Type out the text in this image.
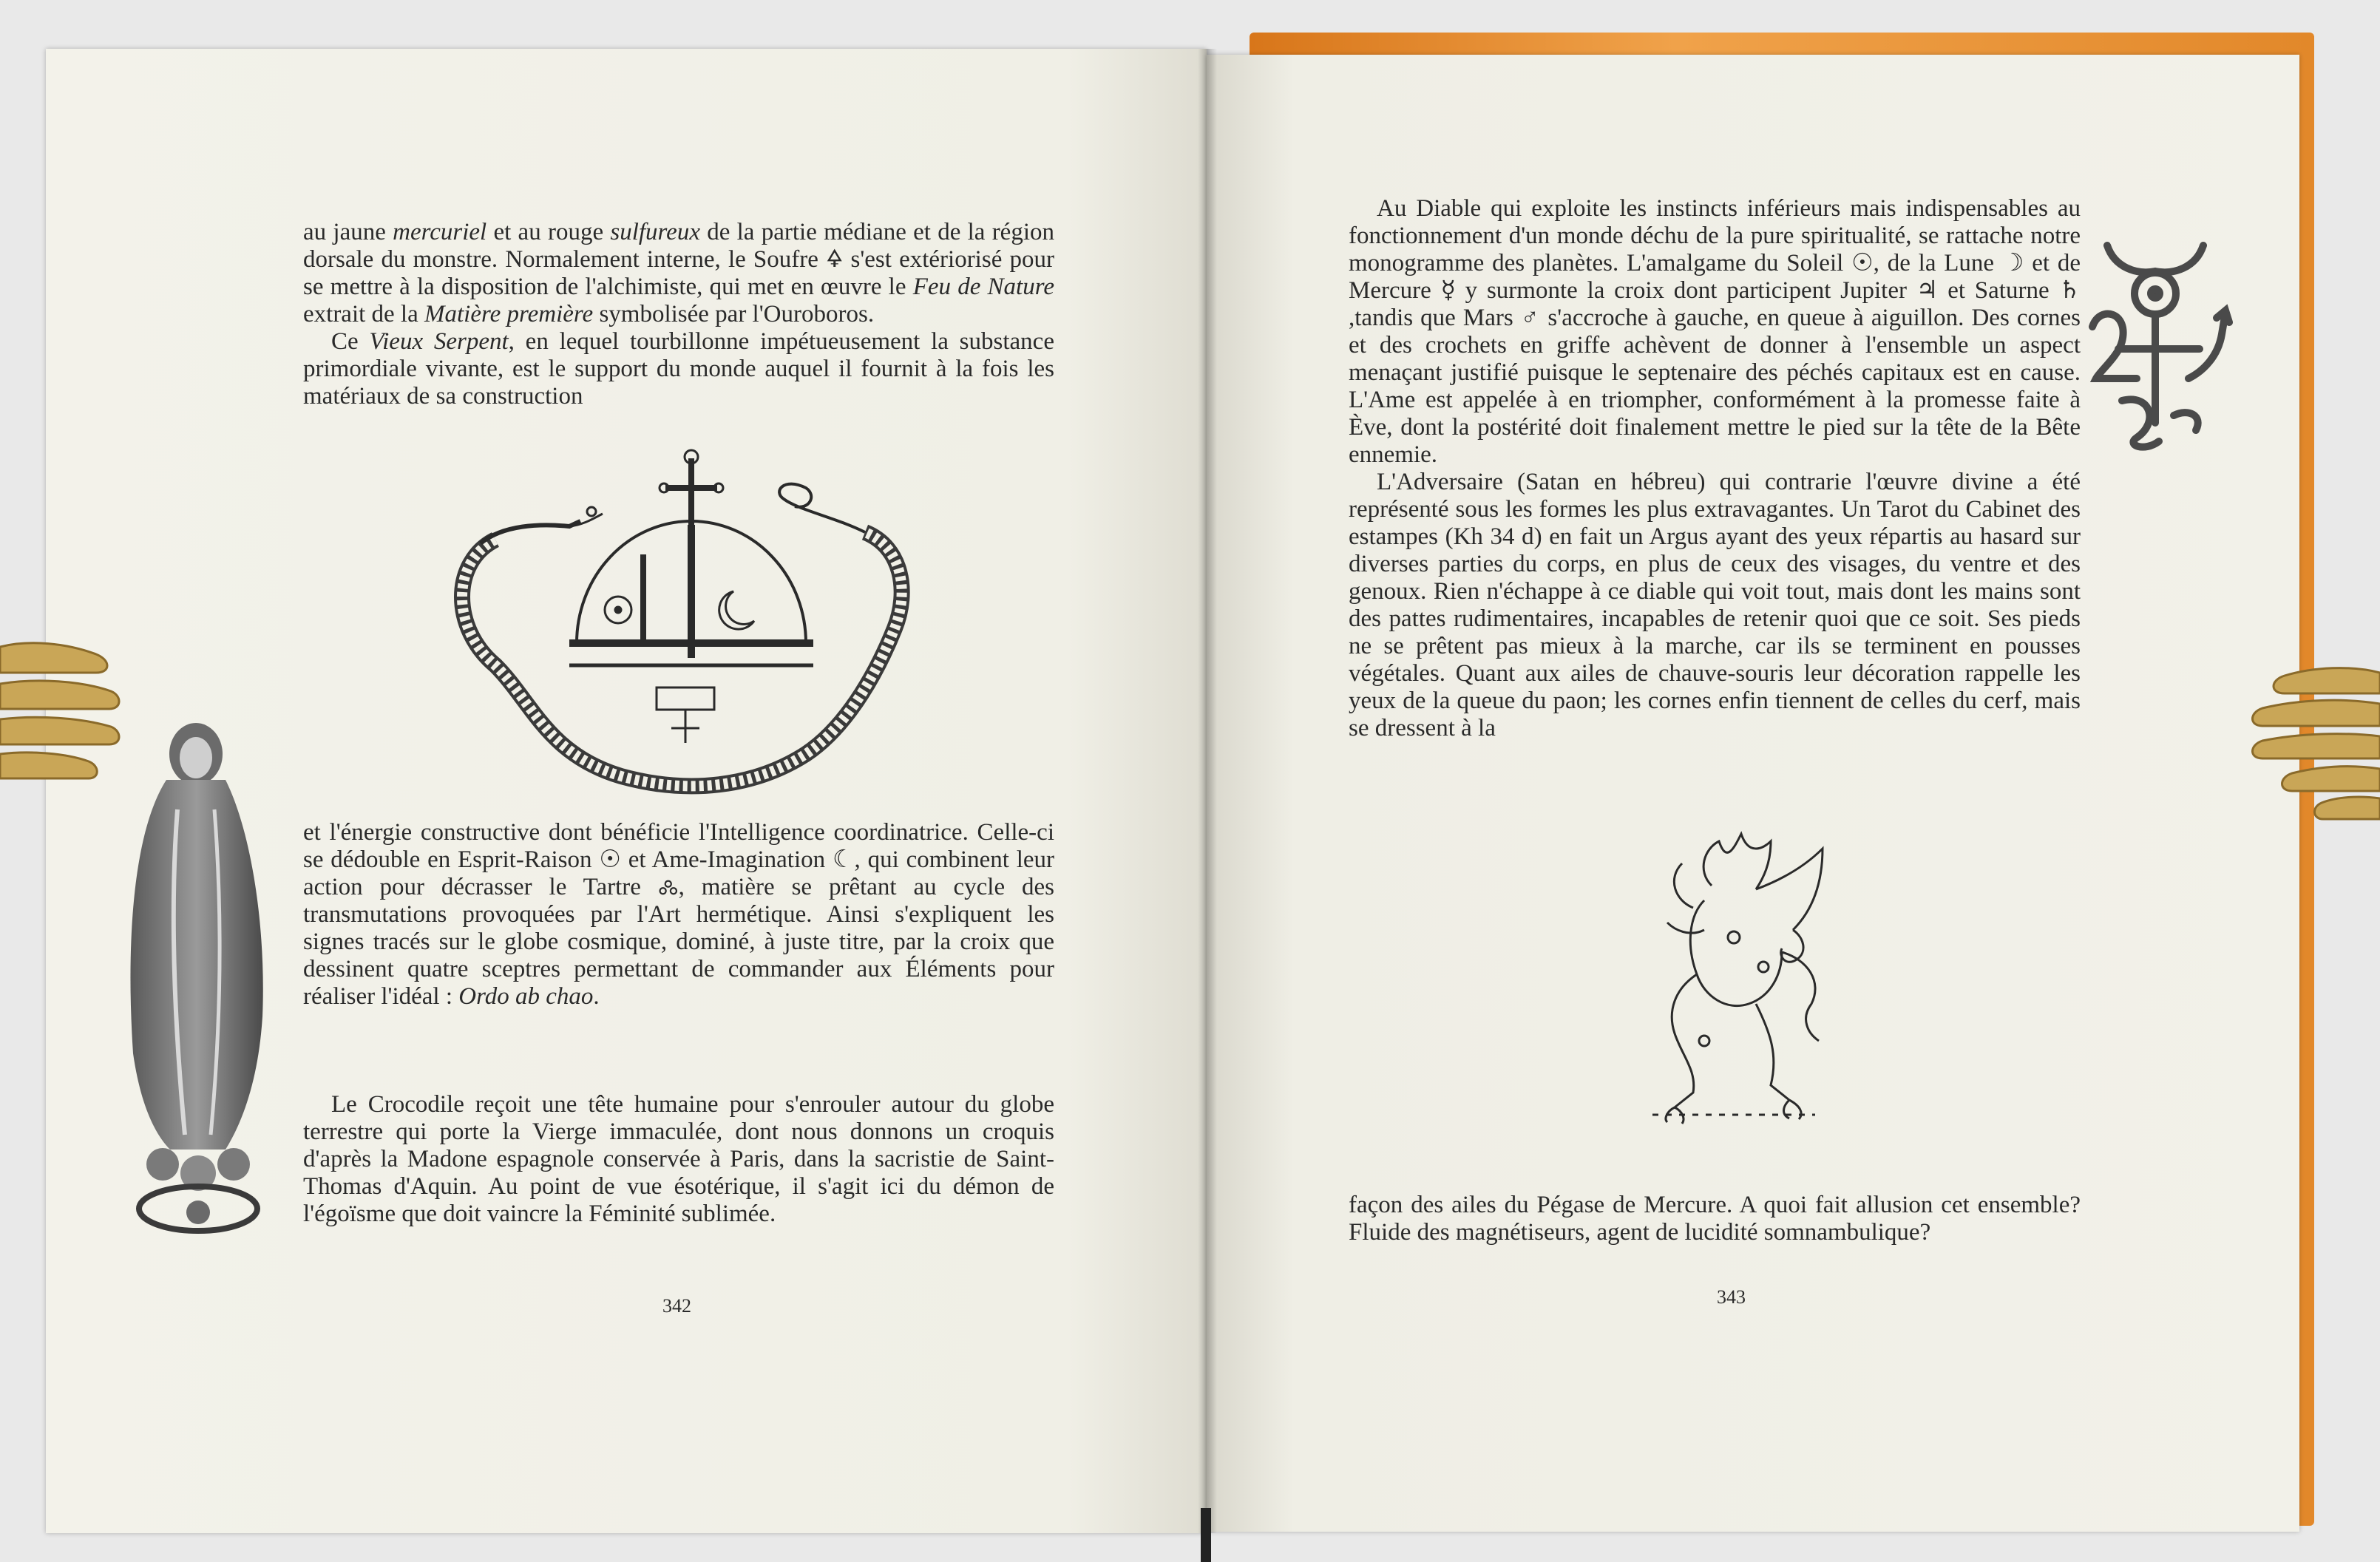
au jaune mercuriel et au rouge sulfureux de la partie médiane et de la région dorsale du monstre. Normalement interne, le Soufre 🜍 s'est extériorisé pour se mettre à la disposition de l'alchimiste, qui met en œuvre le Feu de Nature extrait de la Matière première symbolisée par l'Ouroboros.

Ce Vieux Serpent, en lequel tourbillonne impétueusement la substance primordiale vivante, est le support du monde auquel il fournit à la fois les matériaux de sa construction

et l'énergie constructive dont bénéficie l'Intelligence coordinatrice. Celle-ci se dédouble en Esprit-Raison ☉ et Ame-Imagination ☾, qui combinent leur action pour décrasser le Tartre 🝆, matière se prêtant au cycle des transmutations provoquées par l'Art hermétique. Ainsi s'expliquent les signes tracés sur le globe cosmique, dominé, à juste titre, par la croix que dessinent quatre sceptres permettant de commander aux Éléments pour réaliser l'idéal : Ordo ab chao.

Le Crocodile reçoit une tête humaine pour s'enrouler autour du globe terrestre qui porte la Vierge immaculée, dont nous donnons un croquis d'après la Madone espagnole conservée à Paris, dans la sacristie de Saint-Thomas d'Aquin. Au point de vue ésotérique, il s'agit ici du démon de l'égoïsme que doit vaincre la Féminité sublimée.

342

Au Diable qui exploite les instincts inférieurs mais indispensables au fonctionnement d'un monde déchu de la pure spiritualité, se rattache notre monogramme des planètes. L'amalgame du Soleil ☉, de la Lune ☽ et de Mercure ☿ y surmonte la croix dont participent Jupiter ♃ et Saturne ♄ ,tandis que Mars ♂ s'accroche à gauche, en queue à aiguillon. Des cornes et des crochets en griffe achèvent de donner à l'ensemble un aspect menaçant justifié puisque le septenaire des péchés capitaux est en cause. L'Ame est appelée à en triompher, conformément à la promesse faite à Ève, dont la postérité doit finalement mettre le pied sur la tête de la Bête ennemie.

L'Adversaire (Satan en hébreu) qui contrarie l'œuvre divine a été représenté sous les formes les plus extravagantes. Un Tarot du Cabinet des estampes (Kh 34 d) en fait un Argus ayant des yeux répartis au hasard sur diverses parties du corps, en plus de ceux des visages, du ventre et des genoux. Rien n'échappe à ce diable qui voit tout, mais dont les mains sont des pattes rudimentaires, incapables de retenir quoi que ce soit. Ses pieds ne se prêtent pas mieux à la marche, car ils se terminent en pousses végétales. Quant aux ailes de chauve-souris leur décoration rappelle les yeux de la queue du paon; les cornes enfin tiennent de celles du cerf, mais se dressent à la

façon des ailes du Pégase de Mercure. A quoi fait allusion cet ensemble? Fluide des magnétiseurs, agent de lucidité somnambulique?

343
